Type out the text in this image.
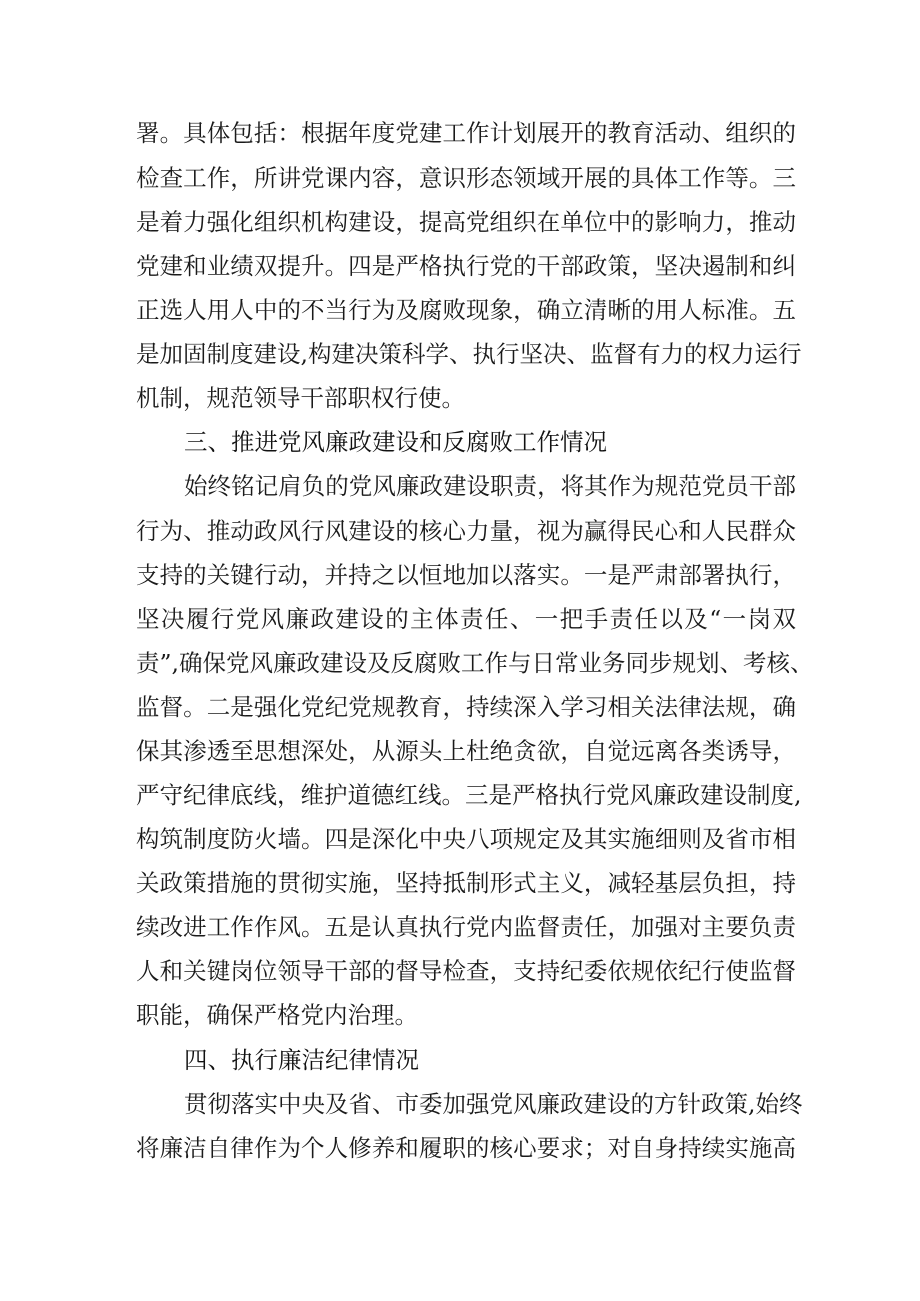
署。具体包括：根据年度党建工作计划展开的教育活动、组织的
检查工作，所讲党课内容，意识形态领域开展的具体工作等。三
是着力强化组织机构建设，提高党组织在单位中的影响力，推动
党建和业绩双提升。四是严格执行党的干部政策，坚决遏制和纠
正选人用人中的不当行为及腐败现象，确立清晰的用人标准。五
是加固制度建设,构建决策科学、执行坚决、监督有力的权力运行
机制，规范领导干部职权行使。
三、推进党风廉政建设和反腐败工作情况
始终铭记肩负的党风廉政建设职责，将其作为规范党员干部
行为、推动政风行风建设的核心力量，视为赢得民心和人民群众
支持的关键行动，并持之以恒地加以落实。一是严肃部署执行，
坚决履行党风廉政建设的主体责任、一把手责任以及“一岗双
责”,确保党风廉政建设及反腐败工作与日常业务同步规划、考核、
监督。二是强化党纪党规教育，持续深入学习相关法律法规，确
保其渗透至思想深处，从源头上杜绝贪欲，自觉远离各类诱导，
严守纪律底线，维护道德红线。三是严格执行党风廉政建设制度,
构筑制度防火墙。四是深化中央八项规定及其实施细则及省市相
关政策措施的贯彻实施，坚持抵制形式主义，减轻基层负担，持
续改进工作作风。五是认真执行党内监督责任，加强对主要负责
人和关键岗位领导干部的督导检查，支持纪委依规依纪行使监督
职能，确保严格党内治理。
四、执行廉洁纪律情况
贯彻落实中央及省、市委加强党风廉政建设的方针政策,始终
将廉洁自律作为个人修养和履职的核心要求；对自身持续实施高
